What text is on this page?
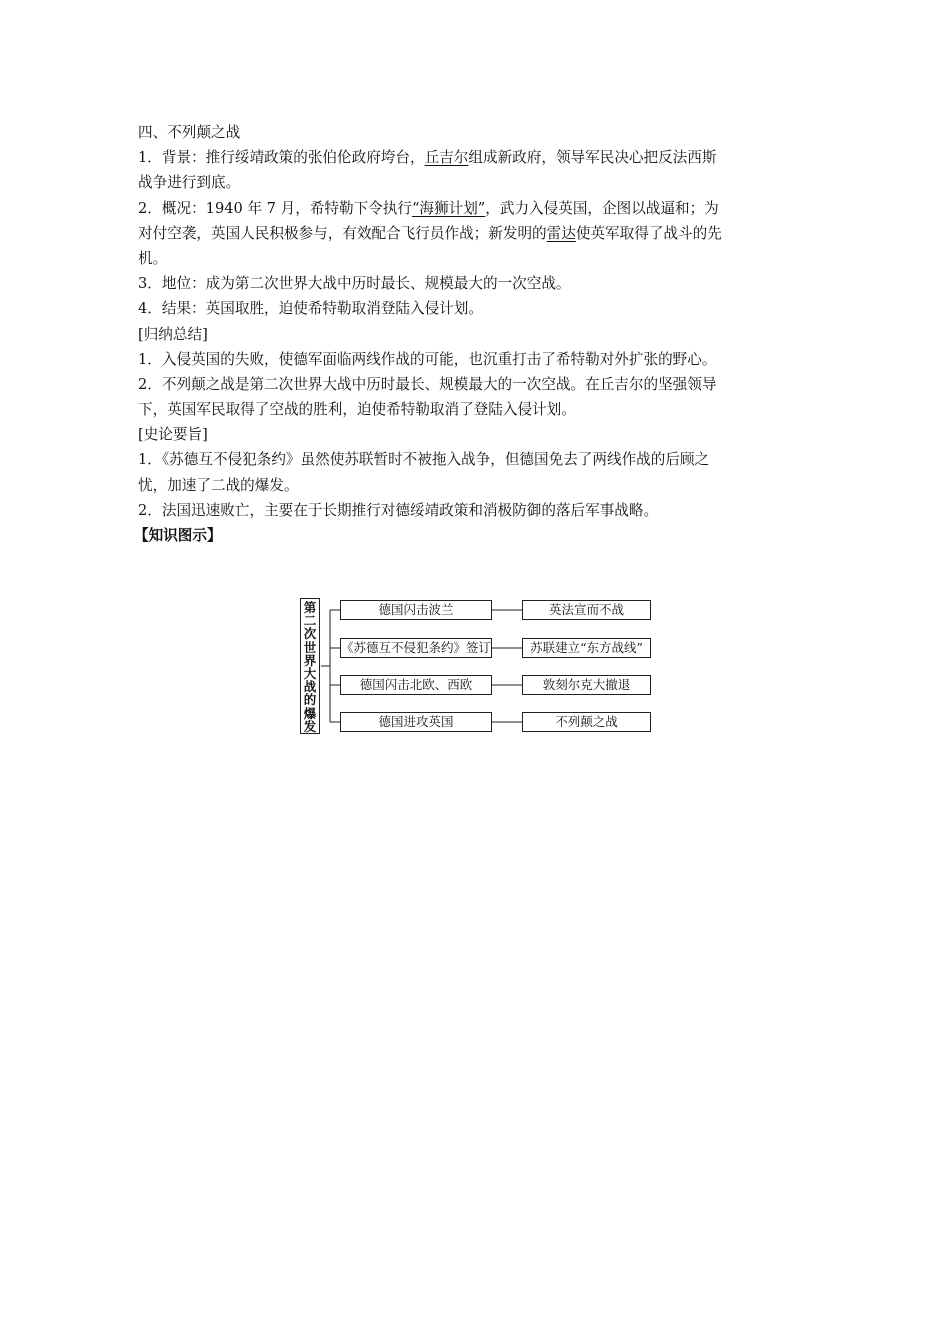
四、不列颠之战
1．背景：推行绥靖政策的张伯伦政府垮台，丘吉尔组成新政府，领导军民决心把反法西斯
战争进行到底。
2．概况：1940 年 7 月，希特勒下令执行“海狮计划”，武力入侵英国，企图以战逼和；为
对付空袭，英国人民积极参与，有效配合飞行员作战；新发明的雷达使英军取得了战斗的先
机。
3．地位：成为第二次世界大战中历时最长、规模最大的一次空战。
4．结果：英国取胜，迫使希特勒取消登陆入侵计划。
[归纳总结]
1．入侵英国的失败，使德军面临两线作战的可能，也沉重打击了希特勒对外扩张的野心。
2．不列颠之战是第二次世界大战中历时最长、规模最大的一次空战。在丘吉尔的坚强领导
下，英国军民取得了空战的胜利，迫使希特勒取消了登陆入侵计划。
[史论要旨]
1．《苏德互不侵犯条约》虽然使苏联暂时不被拖入战争，但德国免去了两线作战的后顾之
忧，加速了二战的爆发。
2．法国迅速败亡，主要在于长期推行对德绥靖政策和消极防御的落后军事战略。
【知识图示】
第
二
次
世
界
大
战
的
爆
发
德国闪击波兰	英法宣而不战
《苏德互不侵犯条约》签订	苏联建立“东方战线”
德国闪击北欧、西欧	敦刻尔克大撤退
德国进攻英国	不列颠之战
